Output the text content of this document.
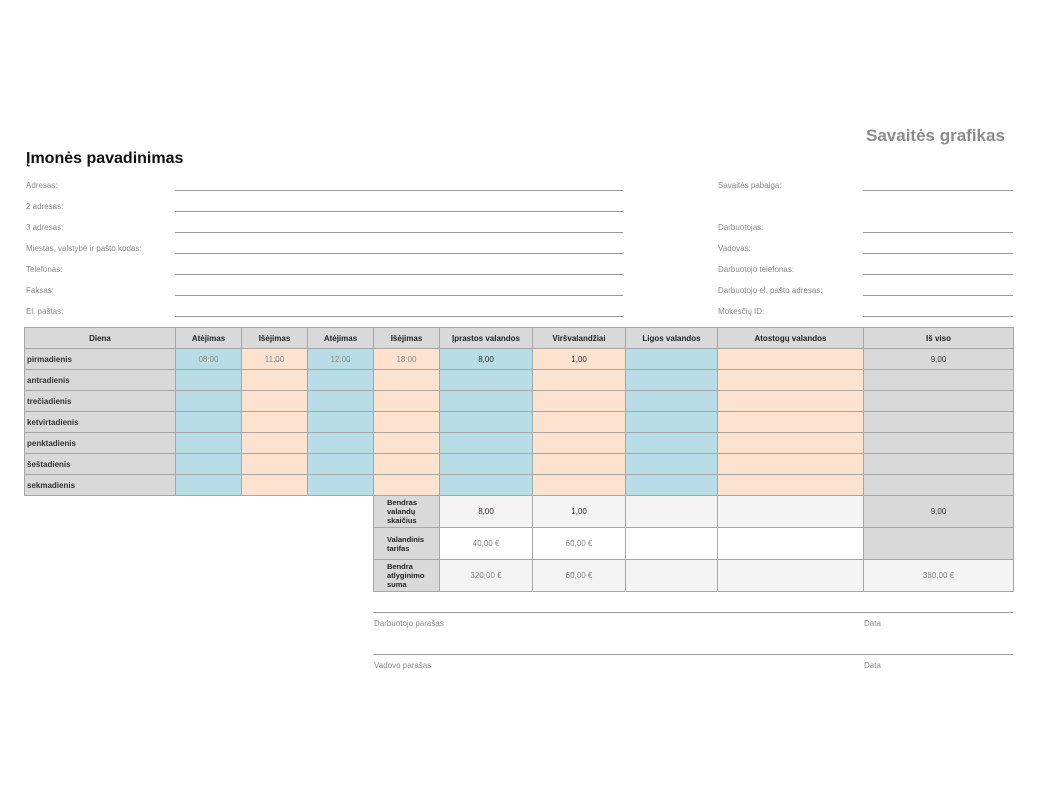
Savaitės grafikas
Įmonės pavadinimas
Adresas:
2 adresas:
3 adresas:
Miestas, valstybė ir pašto kodas:
Telefonas:
Faksas:
El. paštas:
Savaitės pabaiga:
Darbuotojas:
Vadovas:
Darbuotojo telefonas:
Darbuotojo el. pašto adresas:
Mokesčių ID:
Diena	Atėjimas	Išėjimas	Atėjimas	Išėjimas	Įprastos valandos	Viršvalandžiai	Ligos valandos	Atostogų valandos	Iš viso
pirmadienis	08:00	11:00	12:00	18:00	8,00	1,00			9,00
antradienis									
trečiadienis									
ketvirtadienis									
penktadienis									
šeštadienis									
sekmadienis									
				Bendras valandų skaičius	8,00	1,00			9,00
				Valandinis tarifas	40,00 €	60,00 €			
				Bendra atlyginimo suma	320,00 €	60,00 €			380,00 €
Darbuotojo parašas	Data
Vadovo parašas	Data
